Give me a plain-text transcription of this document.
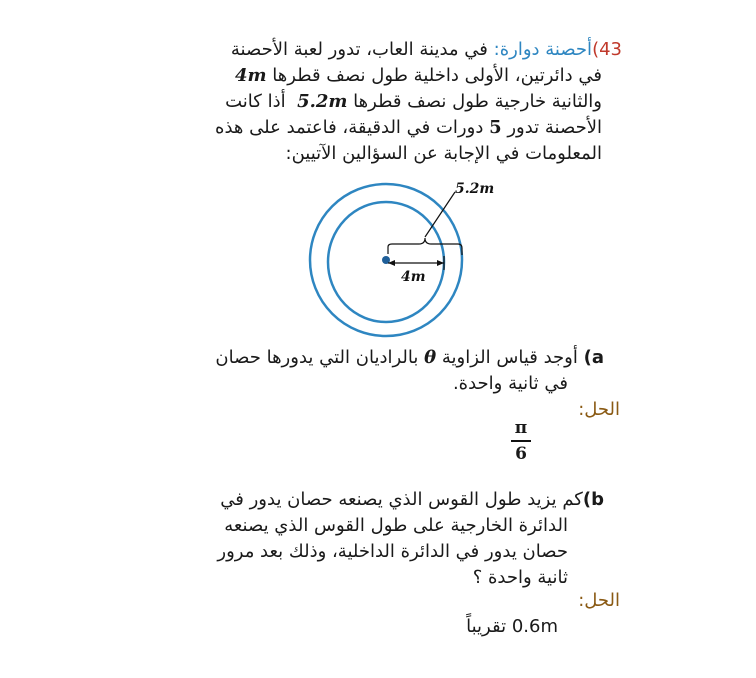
43)أحصنة دوارة: في مدينة العاب، تدور لعبة الأحصنة
في دائرتين، الأولى داخلية طول نصف قطرها 4m
والثانية خارجية طول نصف قطرها 5.2m  أذا كانت
الأحصنة تدور 5 دورات في الدقيقة، فاعتمد على هذه
المعلومات في الإجابة عن السؤالين الآتيين:
4m
5.2m
a) أوجد قياس الزاوية θ بالراديان التي يدورها حصان
في ثانية واحدة.
الحل:
π
6
b)كم يزيد طول القوس الذي يصنعه حصان يدور في
الدائرة الخارجية على طول القوس الذي يصنعه
حصان يدور في الدائرة الداخلية، وذلك بعد مرور
ثانية واحدة ؟
الحل:
0.6m تقريباً
